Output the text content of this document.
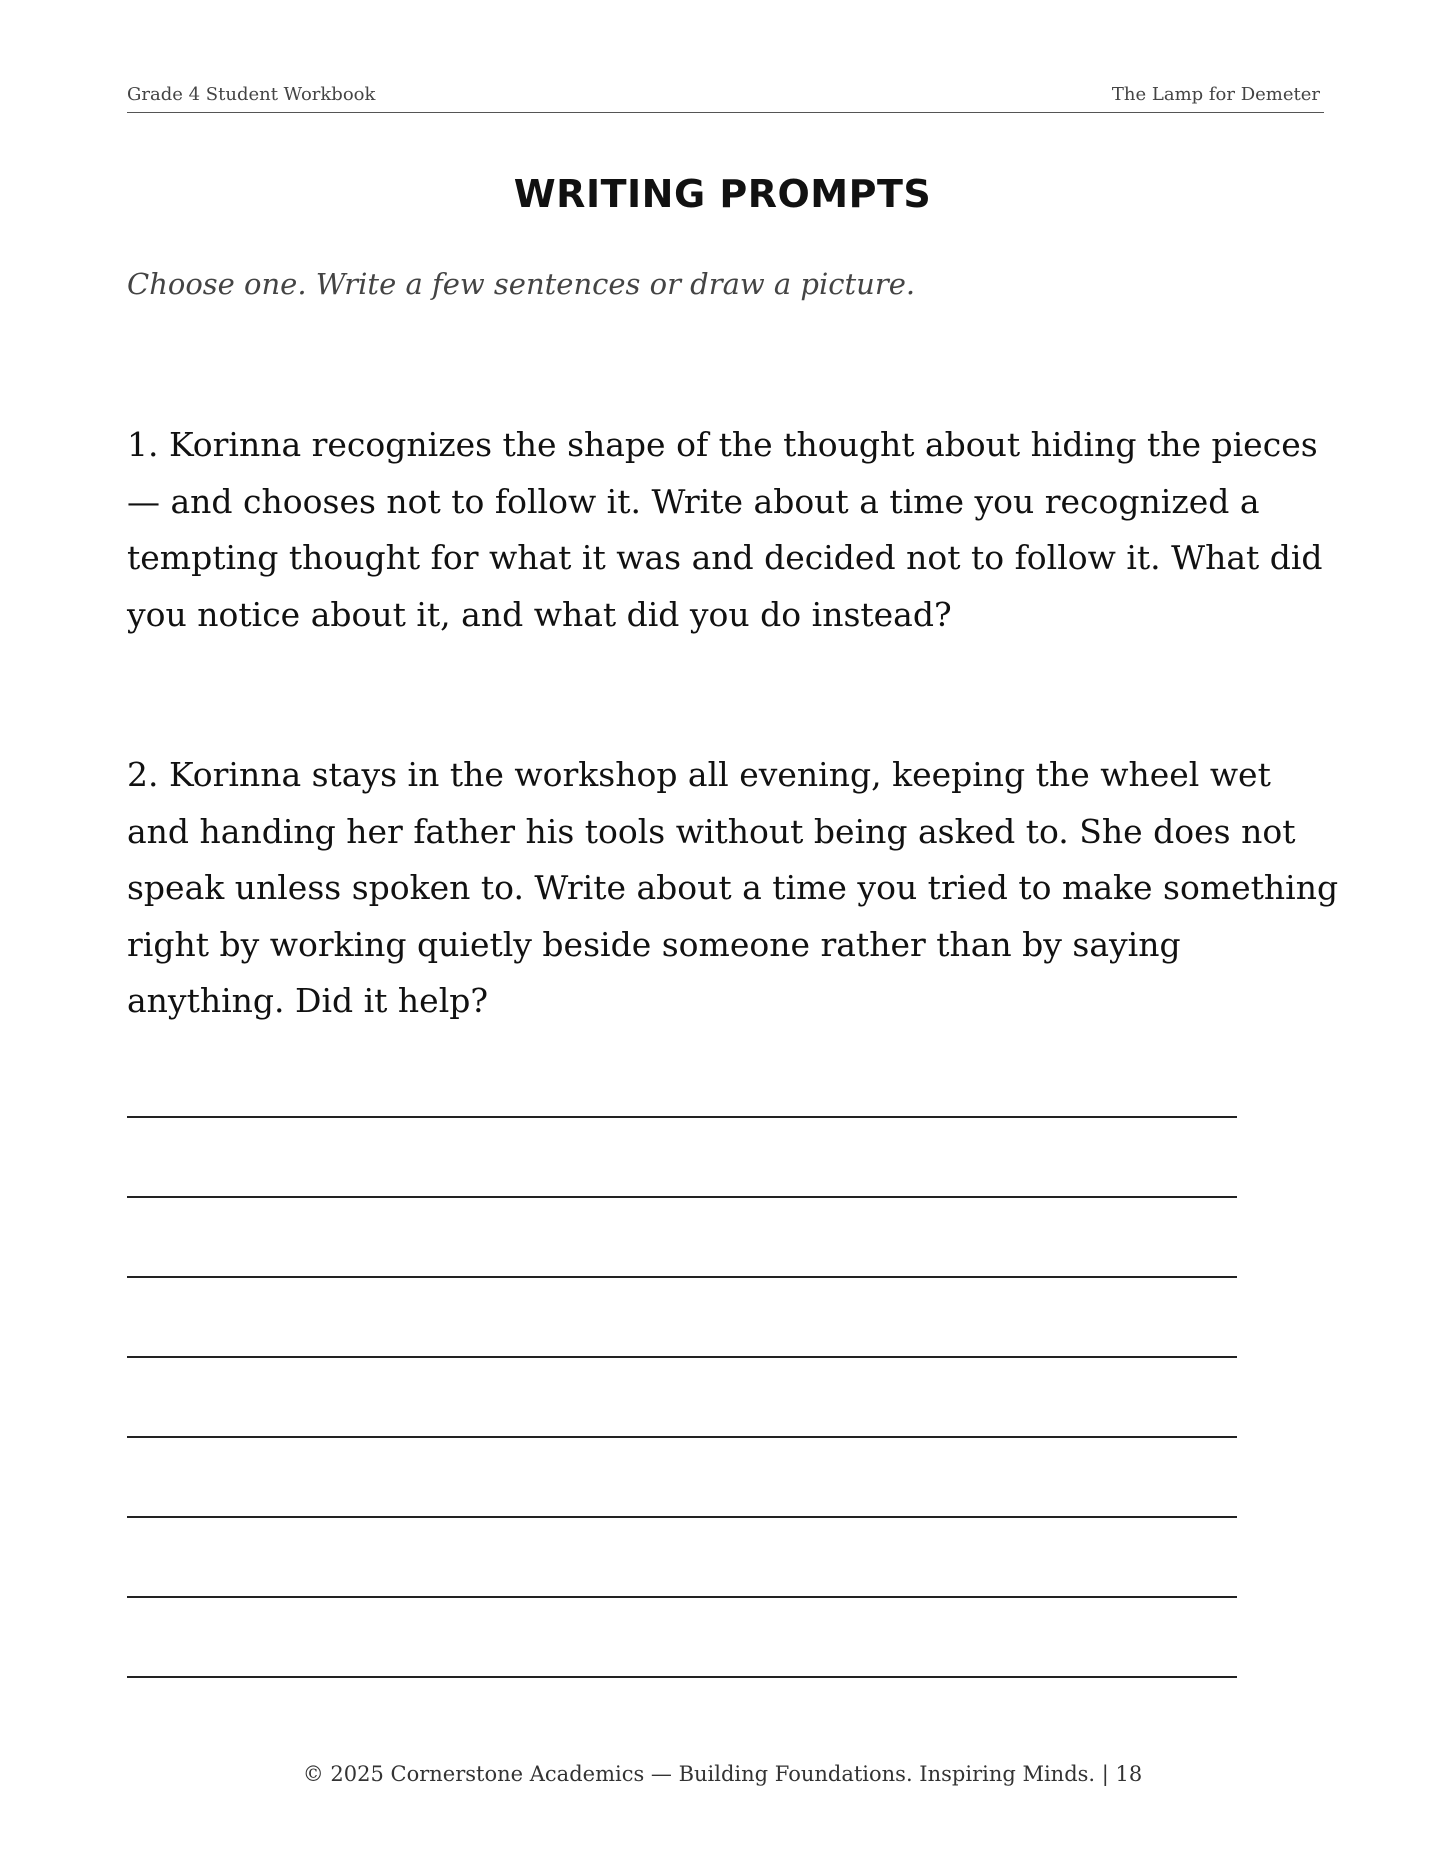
Grade 4 Student Workbook	The Lamp for Demeter
WRITING PROMPTS
Choose one. Write a few sentences or draw a picture.
1. Korinna recognizes the shape of the thought about hiding the pieces — and chooses not to follow it. Write about a time you recognized a tempting thought for what it was and decided not to follow it. What did you notice about it, and what did you do instead?
2. Korinna stays in the workshop all evening, keeping the wheel wet and handing her father his tools without being asked to. She does not speak unless spoken to. Write about a time you tried to make something right by working quietly beside someone rather than by saying anything. Did it help?
© 2025 Cornerstone Academics — Building Foundations. Inspiring Minds. | 18
